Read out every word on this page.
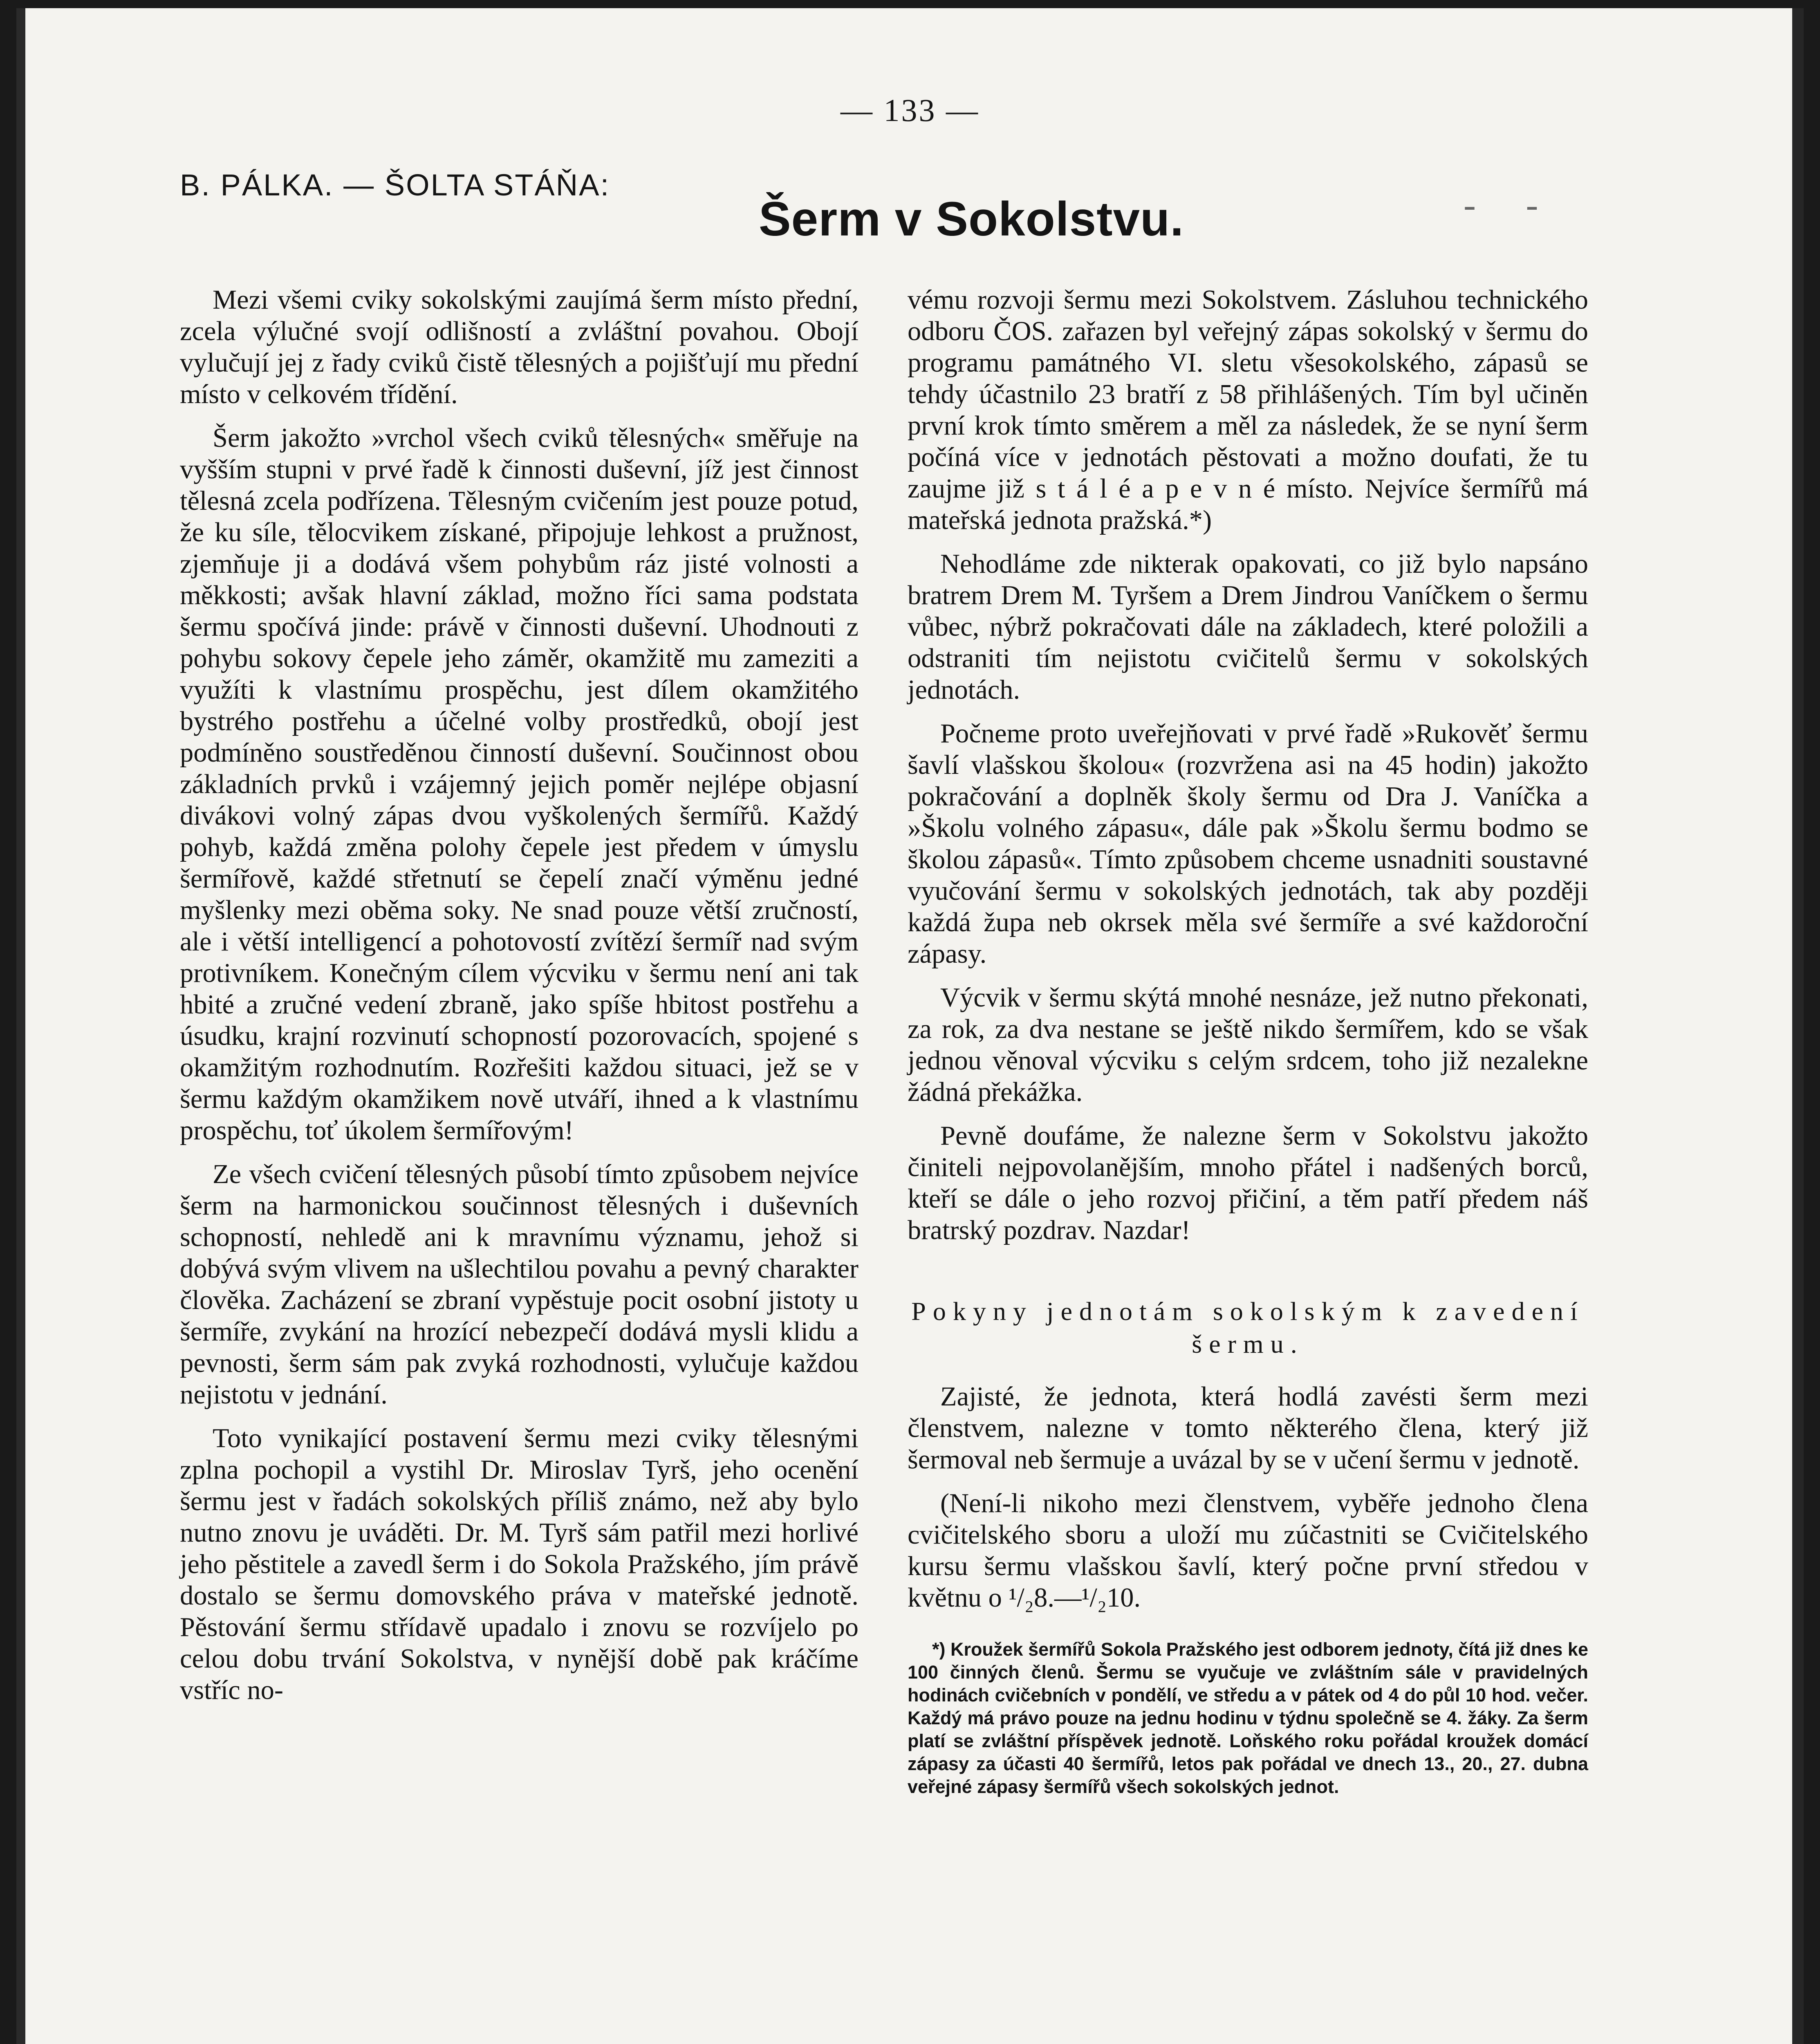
— 133 —
B. PÁLKA. — ŠOLTA STÁŇA:
Šerm v Sokolstvu.	- -

Mezi všemi cviky sokolskými zaujímá šerm místo přední, zcela výlučné svojí odlišností a zvláštní povahou. Obojí vylučují jej z řady cviků čistě tělesných a pojišťují mu přední místo v celkovém třídění.

Šerm jakožto »vrchol všech cviků tělesných« směřuje na vyšším stupni v prvé řadě k činnosti duševní, jíž jest činnost tělesná zcela podřízena. Tělesným cvičením jest pouze potud, že ku síle, tělocvikem získané, připojuje lehkost a pružnost, zjemňuje ji a dodává všem pohybům ráz jisté volnosti a měkkosti; avšak hlavní základ, možno říci sama podstata šermu spočívá jinde: právě v činnosti duševní. Uhodnouti z pohybu sokovy čepele jeho záměr, okamžitě mu zameziti a využíti k vlastnímu prospěchu, jest dílem okamžitého bystrého postřehu a účelné volby prostředků, obojí jest podmíněno soustředěnou činností duševní. Součinnost obou základních prvků i vzájemný jejich poměr nejlépe objasní divákovi volný zápas dvou vyškolených šermířů. Každý pohyb, každá změna polohy čepele jest předem v úmyslu šermířově, každé střetnutí se čepelí značí výměnu jedné myšlenky mezi oběma soky. Ne snad pouze větší zručností, ale i větší intelligencí a pohotovostí zvítězí šermíř nad svým protivníkem. Konečným cílem výcviku v šermu není ani tak hbité a zručné vedení zbraně, jako spíše hbitost postřehu a úsudku, krajní rozvinutí schopností pozorovacích, spojené s okamžitým rozhodnutím. Rozřešiti každou situaci, jež se v šermu každým okamžikem nově utváří, ihned a k vlastnímu prospěchu, toť úkolem šermířovým!

Ze všech cvičení tělesných působí tímto způsobem nejvíce šerm na harmonickou součinnost tělesných i duševních schopností, nehledě ani k mravnímu významu, jehož si dobývá svým vlivem na ušlechtilou povahu a pevný charakter člověka. Zacházení se zbraní vypěstuje pocit osobní jistoty u šermíře, zvykání na hrozící nebezpečí dodává mysli klidu a pevnosti, šerm sám pak zvyká rozhodnosti, vylučuje každou nejistotu v jednání.

Toto vynikající postavení šermu mezi cviky tělesnými zplna pochopil a vystihl Dr. Miroslav Tyrš, jeho ocenění šermu jest v řadách sokolských příliš známo, než aby bylo nutno znovu je uváděti. Dr. M. Tyrš sám patřil mezi horlivé jeho pěstitele a zavedl šerm i do Sokola Pražského, jím právě dostalo se šermu domovského práva v mateřské jednotě. Pěstování šermu střídavě upadalo i znovu se rozvíjelo po celou dobu trvání Sokolstva, v nynější době pak kráčíme vstříc no-

vému rozvoji šermu mezi Sokolstvem. Zásluhou technického odboru ČOS. zařazen byl veřejný zápas sokolský v šermu do programu památného VI. sletu všesokolského, zápasů se tehdy účastnilo 23 bratří z 58 přihlášených. Tím byl učiněn první krok tímto směrem a měl za následek, že se nyní šerm počíná více v jednotách pěstovati a možno doufati, že tu zaujme již s t á l é a p e v n é místo. Nejvíce šermířů má mateřská jednota pražská.*)

Nehodláme zde nikterak opakovati, co již bylo napsáno bratrem Drem M. Tyršem a Drem Jindrou Vaníčkem o šermu vůbec, nýbrž pokračovati dále na základech, které položili a odstraniti tím nejistotu cvičitelů šermu v sokolských jednotách.

Počneme proto uveřejňovati v prvé řadě »Rukověť šermu šavlí vlašskou školou« (rozvržena asi na 45 hodin) jakožto pokračování a doplněk školy šermu od Dra J. Vaníčka a »Školu volného zápasu«, dále pak »Školu šermu bodmo se školou zápasů«. Tímto způsobem chceme usnadniti soustavné vyučování šermu v sokolských jednotách, tak aby později každá župa neb okrsek měla své šermíře a své každoroční zápasy.

Výcvik v šermu skýtá mnohé nesnáze, jež nutno překonati, za rok, za dva nestane se ještě nikdo šermířem, kdo se však jednou věnoval výcviku s celým srdcem, toho již nezalekne žádná překážka.

Pevně doufáme, že nalezne šerm v Sokolstvu jakožto činiteli nejpovolanějším, mnoho přátel i nadšených borců, kteří se dále o jeho rozvoj přičiní, a těm patří předem náš bratrský pozdrav. Nazdar!

Pokyny jednotám sokolským k zavedení šermu.

Zajisté, že jednota, která hodlá zavésti šerm mezi členstvem, nalezne v tomto některého člena, který již šermoval neb šermuje a uvázal by se v učení šermu v jednotě.

(Není-li nikoho mezi členstvem, vyběře jednoho člena cvičitelského sboru a uloží mu zúčastniti se Cvičitelského kursu šermu vlašskou šavlí, který počne první středou v květnu o ¹/₂8.—¹/₂10.

*) Kroužek šermířů Sokola Pražského jest odborem jednoty, čítá již dnes ke 100 činných členů. Šermu se vyučuje ve zvláštním sále v pravidelných hodinách cvičebních v pondělí, ve středu a v pátek od 4 do půl 10 hod. večer. Každý má právo pouze na jednu hodinu v týdnu společně se 4. žáky. Za šerm platí se zvláštní příspěvek jednotě. Loňského roku pořádal kroužek domácí zápasy za účasti 40 šermířů, letos pak pořádal ve dnech 13., 20., 27. dubna veřejné zápasy šermířů všech sokolských jednot.
